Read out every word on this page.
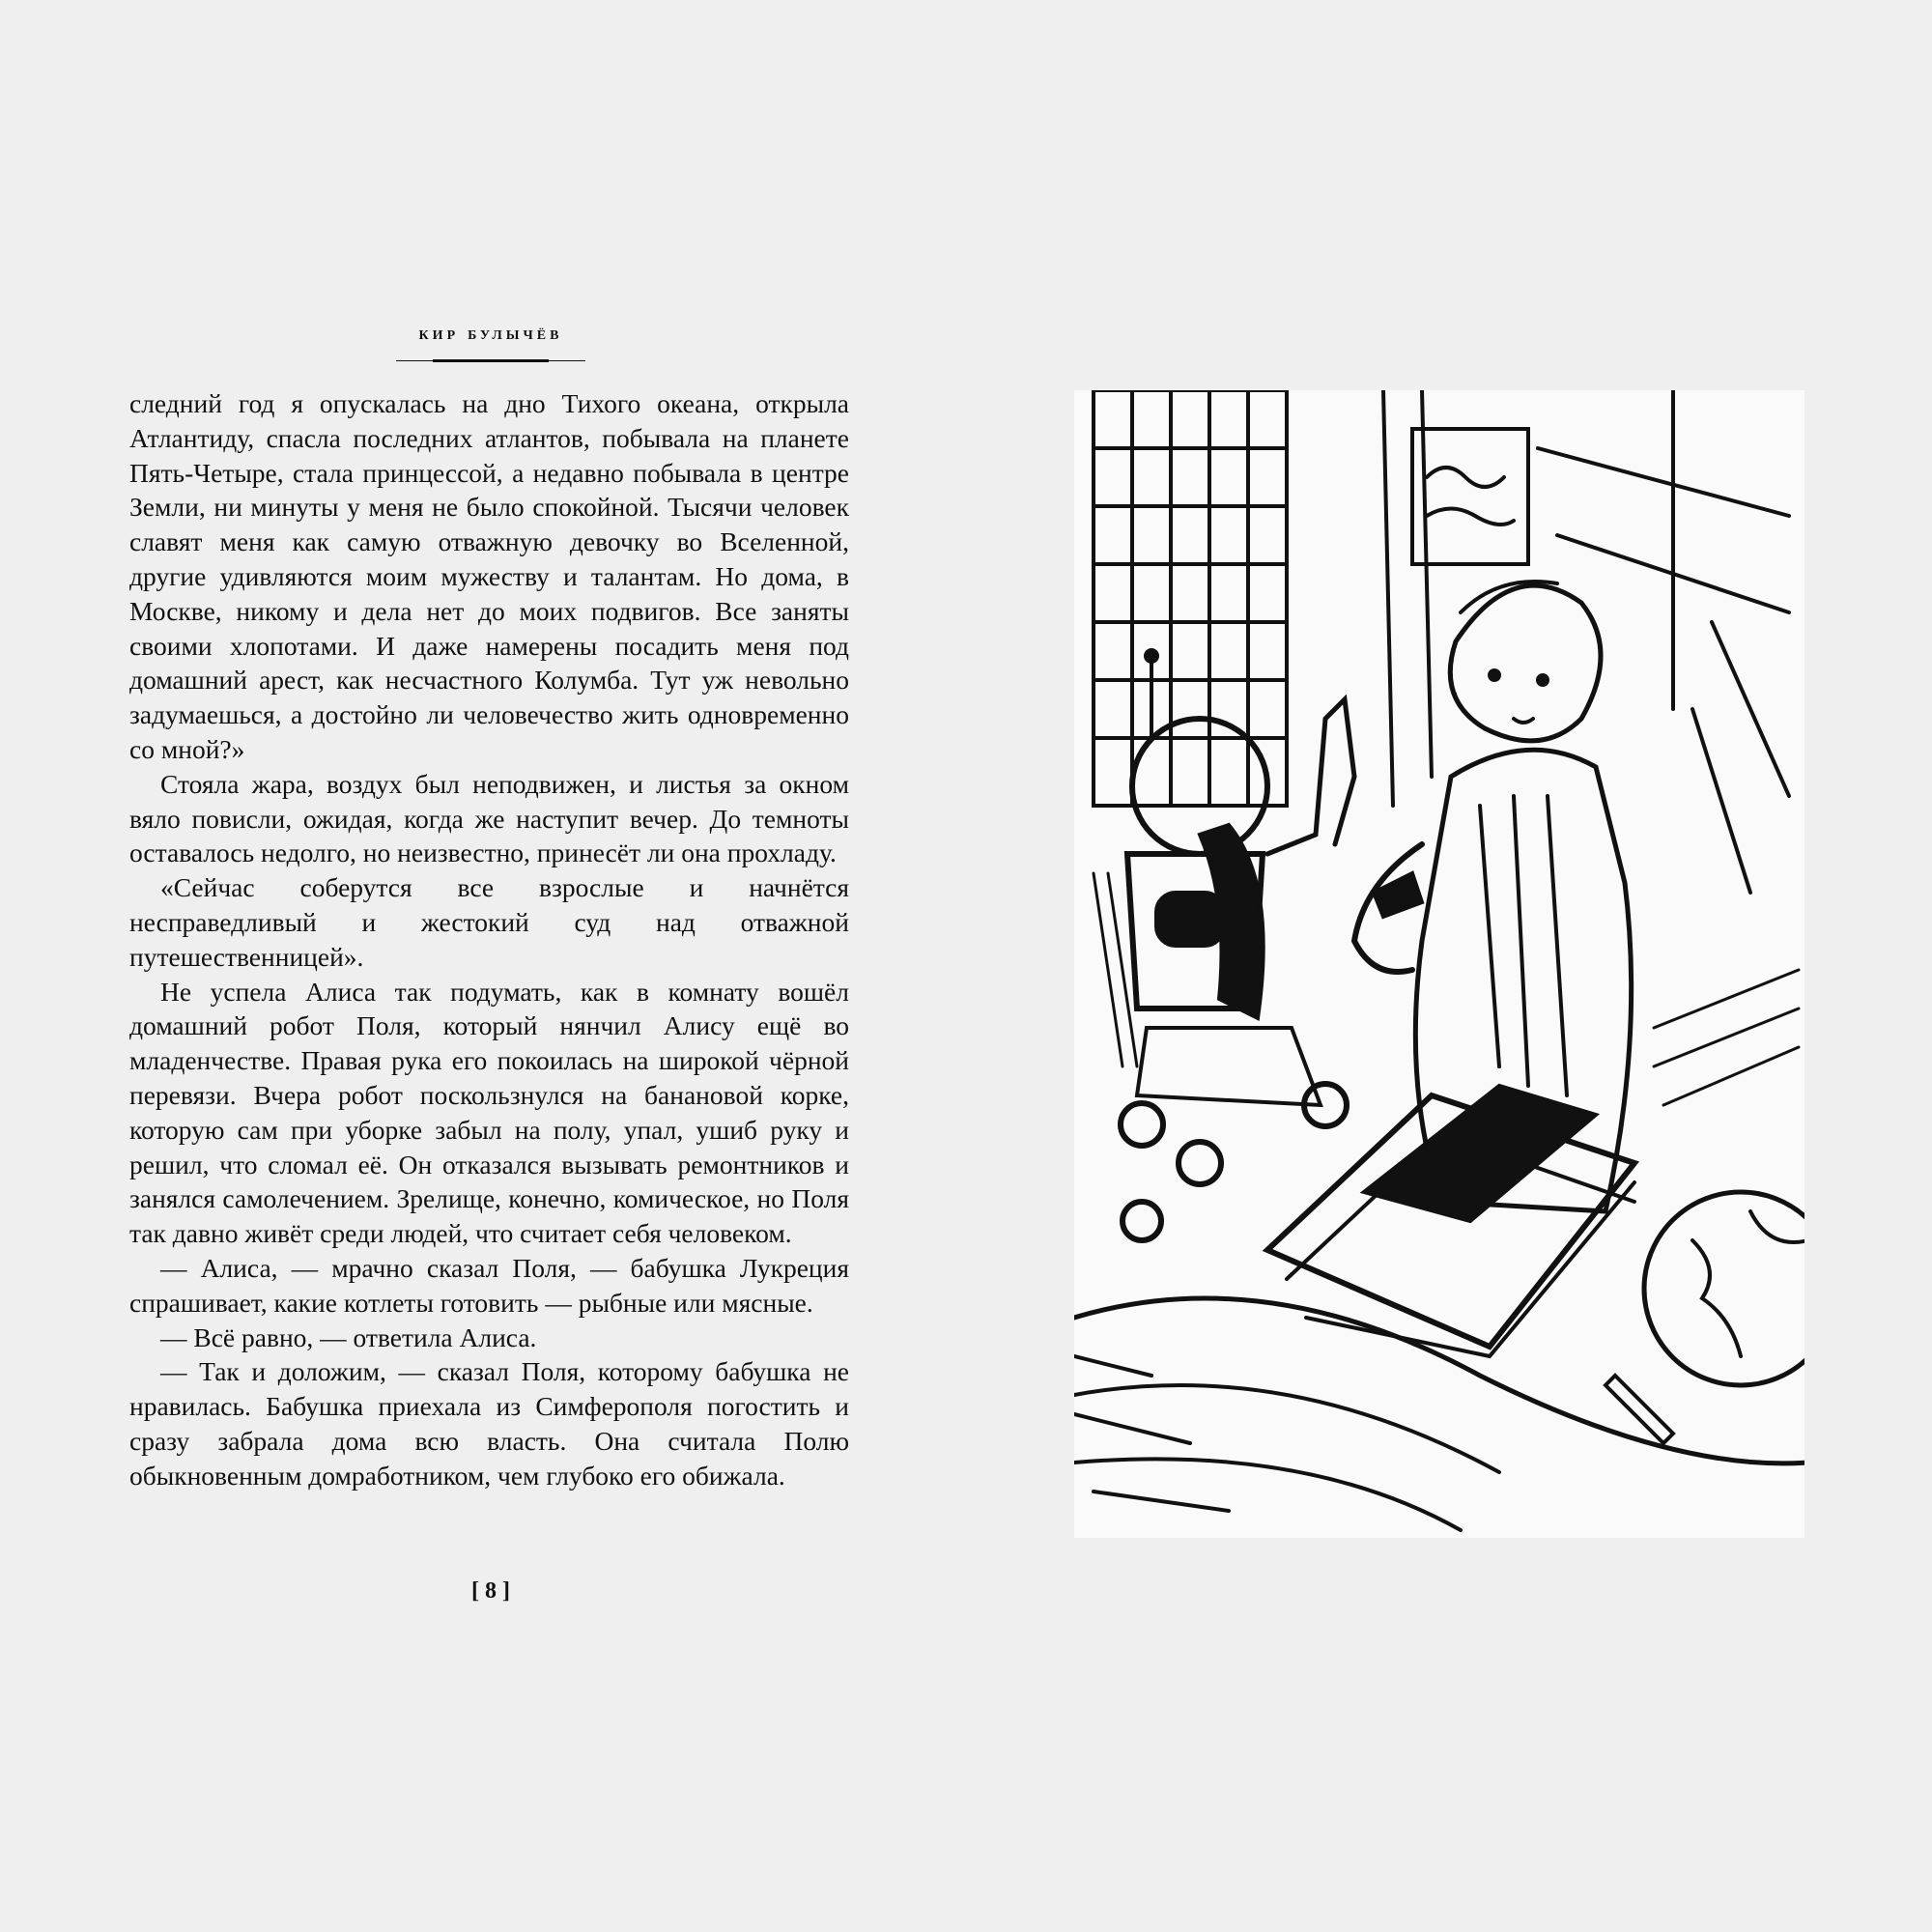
кир булычёв

следний год я опускалась на дно Тихого океана, открыла Атлантиду, спасла последних атлантов, побывала на планете Пять-Четыре, стала принцессой, а недавно побывала в центре Земли, ни минуты у меня не было спокойной. Тысячи человек славят меня как самую отважную девочку во Вселенной, другие удивляются моим мужеству и талантам. Но дома, в Москве, никому и дела нет до моих подвигов. Все заняты своими хлопотами. И даже намерены посадить меня под домашний арест, как несчастного Колумба. Тут уж невольно задумаешься, а достойно ли человечество жить одновременно со мной?»

Стояла жара, воздух был неподвижен, и листья за окном вяло повисли, ожидая, когда же наступит вечер. До темноты оставалось недолго, но неизвестно, принесёт ли она прохладу.

«Сейчас соберутся все взрослые и начнётся несправедливый и жестокий суд над отважной путешественницей».

Не успела Алиса так подумать, как в комнату вошёл домашний робот Поля, который нянчил Алису ещё во младенчестве. Правая рука его покоилась на широкой чёрной перевязи. Вчера робот поскользнулся на банановой корке, которую сам при уборке забыл на полу, упал, ушиб руку и решил, что сломал её. Он отказался вызывать ремонтников и занялся самолечением. Зрелище, конечно, комическое, но Поля так давно живёт среди людей, что считает себя человеком.

— Алиса, — мрачно сказал Поля, — бабушка Лукреция спрашивает, какие котлеты готовить — рыбные или мясные.

— Всё равно, — ответила Алиса.

— Так и доложим, — сказал Поля, которому бабушка не нравилась. Бабушка приехала из Симферополя погостить и сразу забрала дома всю власть. Она считала Полю обыкновенным домработником, чем глубоко его обижала.

[ 8 ]
